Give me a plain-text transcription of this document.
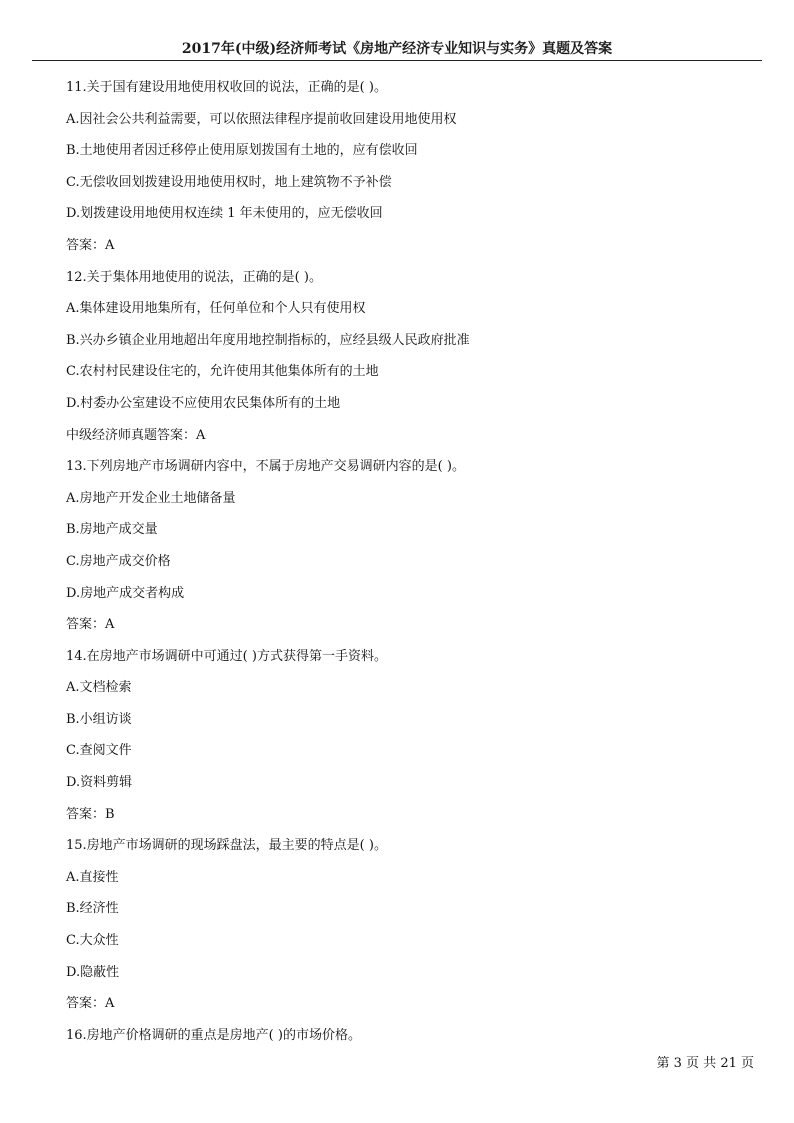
2017年(中级)经济师考试《房地产经济专业知识与实务》真题及答案
11.关于国有建设用地使用权收回的说法，正确的是( )。
A.因社会公共利益需要，可以依照法律程序提前收回建设用地使用权
B.土地使用者因迁移停止使用原划拨国有土地的，应有偿收回
C.无偿收回划拨建设用地使用权时，地上建筑物不予补偿
D.划拨建设用地使用权连续 1 年未使用的，应无偿收回
答案：A
12.关于集体用地使用的说法，正确的是( )。
A.集体建设用地集所有，任何单位和个人只有使用权
B.兴办乡镇企业用地超出年度用地控制指标的，应经县级人民政府批准
C.农村村民建设住宅的，允许使用其他集体所有的土地
D.村委办公室建设不应使用农民集体所有的土地
中级经济师真题答案：A
13.下列房地产市场调研内容中，不属于房地产交易调研内容的是( )。
A.房地产开发企业土地储备量
B.房地产成交量
C.房地产成交价格
D.房地产成交者构成
答案：A
14.在房地产市场调研中可通过( )方式获得第一手资料。
A.文档检索
B.小组访谈
C.查阅文件
D.资料剪辑
答案：B
15.房地产市场调研的现场踩盘法，最主要的特点是( )。
A.直接性
B.经济性
C.大众性
D.隐蔽性
答案：A
16.房地产价格调研的重点是房地产( )的市场价格。
第 3 页 共 21 页
